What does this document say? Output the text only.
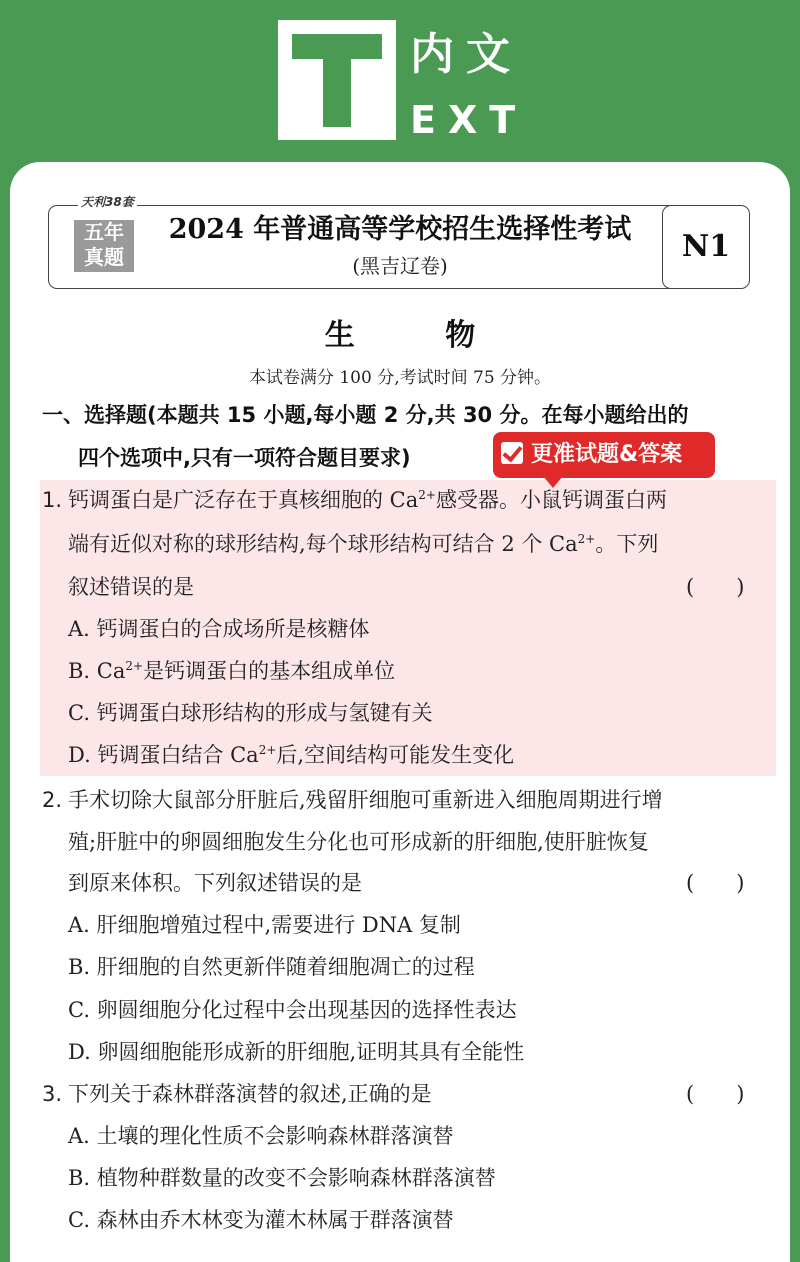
内文
EXT
N1
五年
真题
天利38套
2024 年普通高等学校招生选择性考试
(黑吉辽卷)
生 物
本试卷满分 100 分,考试时间 75 分钟。
一、选择题(本题共 15 小题,每小题 2 分,共 30 分。在每小题给出的
四个选项中,只有一项符合题目要求)
1. 钙调蛋白是广泛存在于真核细胞的 $Ca^{2+}$感受器。小鼠钙调蛋白两
端有近似对称的球形结构,每个球形结构可结合 2 个 $Ca^{2+}$。下列
叙述错误的是	(　　)
A. 钙调蛋白的合成场所是核糖体
B. $Ca^{2+}$是钙调蛋白的基本组成单位
C. 钙调蛋白球形结构的形成与氢键有关
D. 钙调蛋白结合 $Ca^{2+}$后,空间结构可能发生变化
更准试题&答案
2. 手术切除大鼠部分肝脏后,残留肝细胞可重新进入细胞周期进行增
殖;肝脏中的卵圆细胞发生分化也可形成新的肝细胞,使肝脏恢复
到原来体积。下列叙述错误的是	(　　)
A. 肝细胞增殖过程中,需要进行 DNA 复制
B. 肝细胞的自然更新伴随着细胞凋亡的过程
C. 卵圆细胞分化过程中会出现基因的选择性表达
D. 卵圆细胞能形成新的肝细胞,证明其具有全能性
3. 下列关于森林群落演替的叙述,正确的是	(　　)
A. 土壤的理化性质不会影响森林群落演替
B. 植物种群数量的改变不会影响森林群落演替
C. 森林由乔木林变为灌木林属于群落演替
